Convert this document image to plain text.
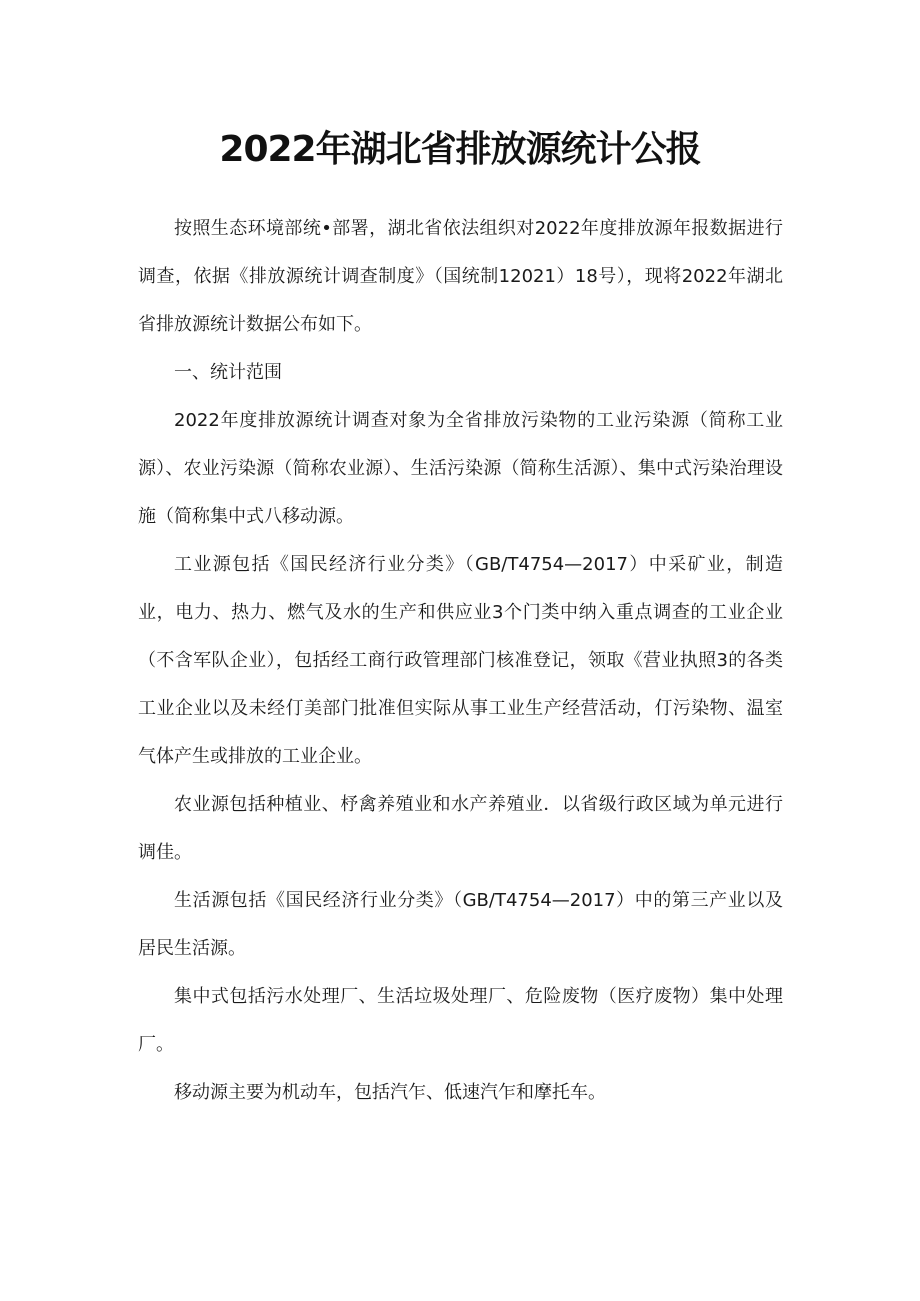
2022年湖北省排放源统计公报

按照生态环境部统•部署，湖北省依法组织对2022年度排放源年报数据进行调查，依据《排放源统计调查制度》（国统制12021）18号），现将2022年湖北省排放源统计数据公布如下。

一、统计范围

2022年度排放源统计调查对象为全省排放污染物的工业污染源（简称工业源）、农业污染源（简称农业源）、生活污染源（简称生活源）、集中式污染治理设施（简称集中式八移动源。

工业源包括《国民经济行业分类》（GB/T4754—2017）中采矿业，制造业，电力、热力、燃气及水的生产和供应业3个门类中纳入重点调查的工业企业（不含军队企业），包括经工商行政管理部门核准登记，领取《营业执照3的各类工业企业以及未经仃美部门批准但实际从事工业生产经营活动，仃污染物、温室气体产生或排放的工业企业。

农业源包括种植业、杼禽养殖业和水产养殖业．以省级行政区域为单元进行调佳。

生活源包括《国民经济行业分类》（GB/T4754—2017）中的第三产业以及居民生活源。

集中式包括污水处理厂、生活垃圾处理厂、危险废物（医疗废物）集中处理厂。

移动源主要为机动车，包括汽乍、低速汽乍和摩托车。
